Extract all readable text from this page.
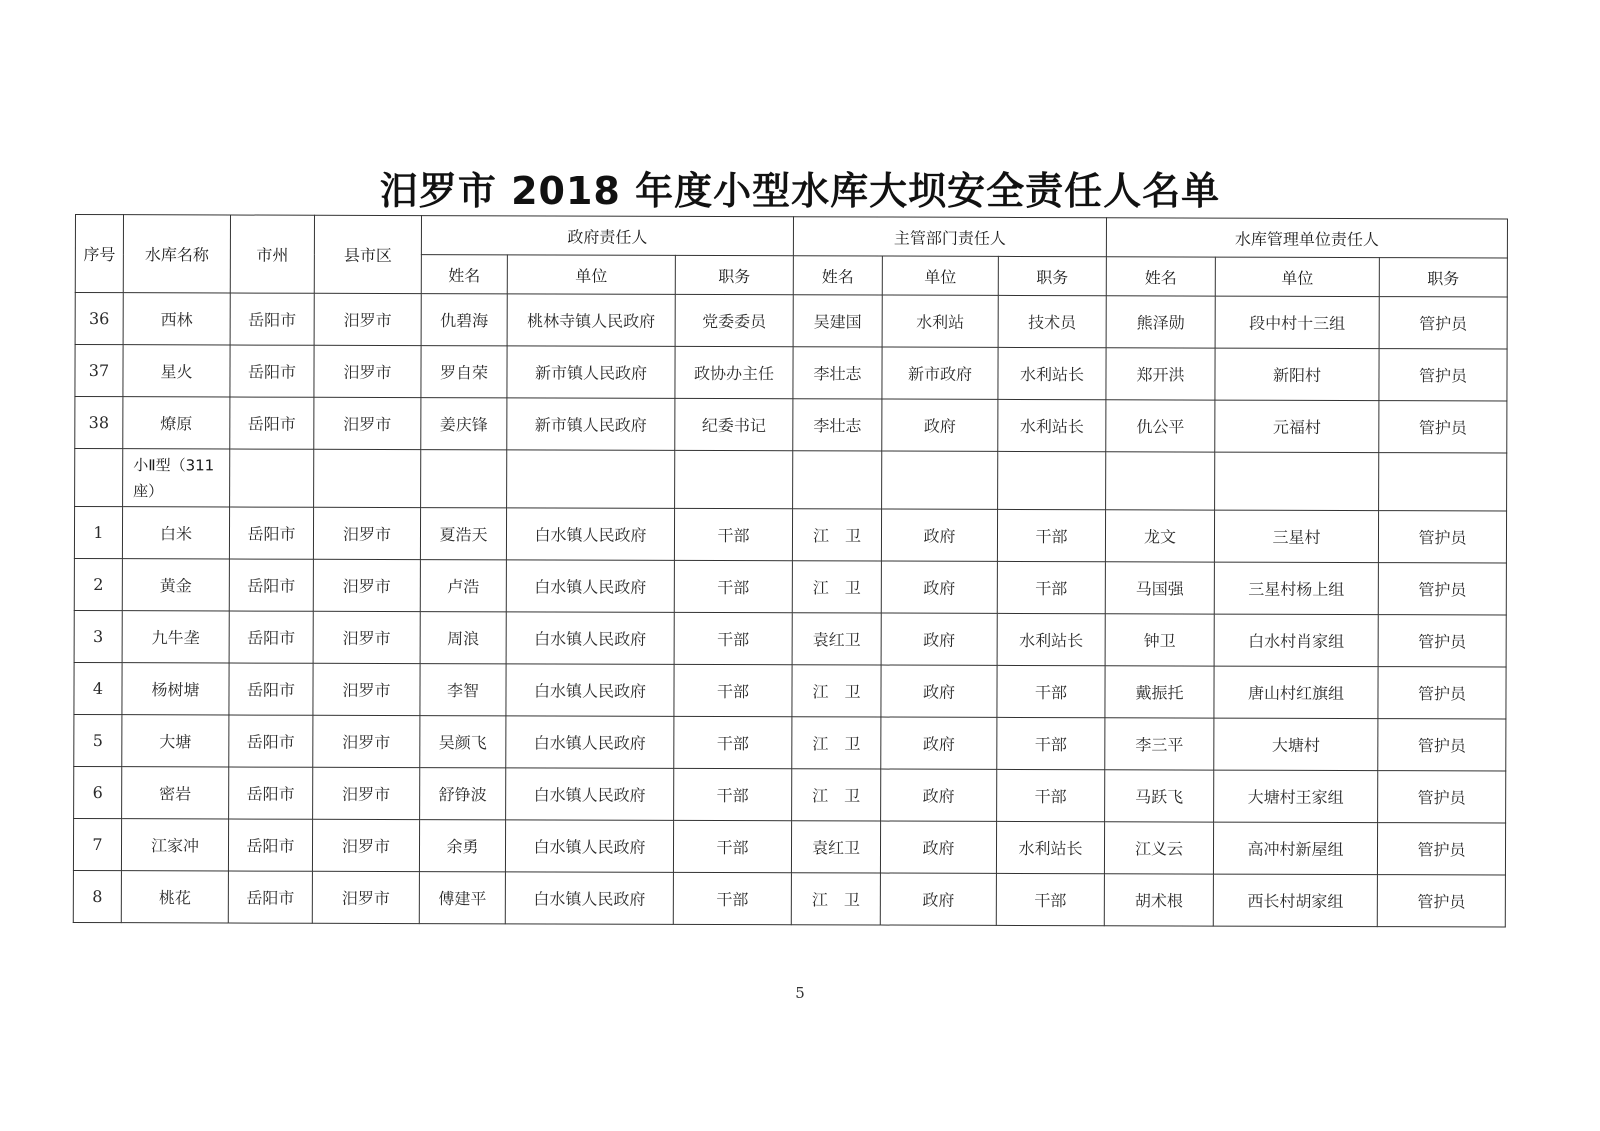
汨罗市 2018 年度小型水库大坝安全责任人名单
序号	水库名称	市州	县市区	政府责任人			主管部门责任人			水库管理单位责任人		
				姓名	单位	职务	姓名	单位	职务	姓名	单位	职务
36	西林	岳阳市	汨罗市	仇碧海	桃林寺镇人民政府	党委委员	吴建国	水利站	技术员	熊泽勋	段中村十三组	管护员
37	星火	岳阳市	汨罗市	罗自荣	新市镇人民政府	政协办主任	李壮志	新市政府	水利站长	郑开洪	新阳村	管护员
38	燎原	岳阳市	汨罗市	姜庆锋	新市镇人民政府	纪委书记	李壮志	政府	水利站长	仇公平	元福村	管护员
	小Ⅱ型（311座）											
1	白米	岳阳市	汨罗市	夏浩天	白水镇人民政府	干部	江　卫	政府	干部	龙文	三星村	管护员
2	黄金	岳阳市	汨罗市	卢浩	白水镇人民政府	干部	江　卫	政府	干部	马国强	三星村杨上组	管护员
3	九牛垄	岳阳市	汨罗市	周浪	白水镇人民政府	干部	袁红卫	政府	水利站长	钟卫	白水村肖家组	管护员
4	杨树塘	岳阳市	汨罗市	李智	白水镇人民政府	干部	江　卫	政府	干部	戴振托	唐山村红旗组	管护员
5	大塘	岳阳市	汨罗市	吴颜飞	白水镇人民政府	干部	江　卫	政府	干部	李三平	大塘村	管护员
6	密岩	岳阳市	汨罗市	舒铮波	白水镇人民政府	干部	江　卫	政府	干部	马跃飞	大塘村王家组	管护员
7	江家冲	岳阳市	汨罗市	余勇	白水镇人民政府	干部	袁红卫	政府	水利站长	江义云	高冲村新屋组	管护员
8	桃花	岳阳市	汨罗市	傅建平	白水镇人民政府	干部	江　卫	政府	干部	胡术根	西长村胡家组	管护员
5
